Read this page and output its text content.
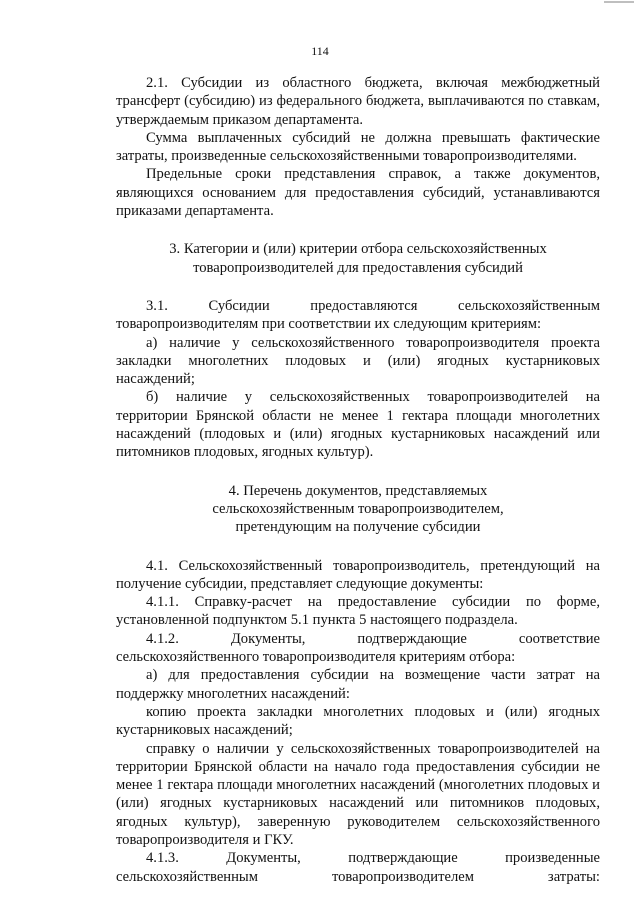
114

2.1. Субсидии из областного бюджета, включая межбюджетный трансферт (субсидию) из федерального бюджета, выплачиваются по ставкам, утверждаемым приказом департамента.

Сумма выплаченных субсидий не должна превышать фактические затраты, произведенные сельскохозяйственными товаропроизводителями.

Предельные сроки представления справок, а также документов, являющихся основанием для предоставления субсидий, устанавливаются приказами департамента.

3. Категории и (или) критерии отбора сельскохозяйственных
товаропроизводителей для предоставления субсидий

3.1. Субсидии предоставляются сельскохозяйственным товаропроизводителям при соответствии их следующим критериям:

а) наличие у сельскохозяйственного товаропроизводителя проекта закладки многолетних плодовых и (или) ягодных кустарниковых насаждений;

б) наличие у сельскохозяйственных товаропроизводителей на территории Брянской области не менее 1 гектара площади многолетних насаждений (плодовых и (или) ягодных кустарниковых насаждений или питомников плодовых, ягодных культур).

4. Перечень документов, представляемых
сельскохозяйственным товаропроизводителем,
претендующим на получение субсидии

4.1. Сельскохозяйственный товаропроизводитель, претендующий на получение субсидии, представляет следующие документы:

4.1.1. Справку-расчет на предоставление субсидии по форме, установленной подпунктом 5.1 пункта 5 настоящего подраздела.

4.1.2. Документы, подтверждающие соответствие сельскохозяйственного товаропроизводителя критериям отбора:

а) для предоставления субсидии на возмещение части затрат на поддержку многолетних насаждений:

копию проекта закладки многолетних плодовых и (или) ягодных кустарниковых насаждений;

справку о наличии у сельскохозяйственных товаропроизводителей на территории Брянской области на начало года предоставления субсидии не менее 1 гектара площади многолетних насаждений (многолетних плодовых и (или) ягодных кустарниковых насаждений или питомников плодовых, ягодных культур), заверенную руководителем сельскохозяйственного товаропроизводителя и ГКУ.

4.1.3. Документы, подтверждающие произведенные сельскохозяйственным товаропроизводителем затраты:
